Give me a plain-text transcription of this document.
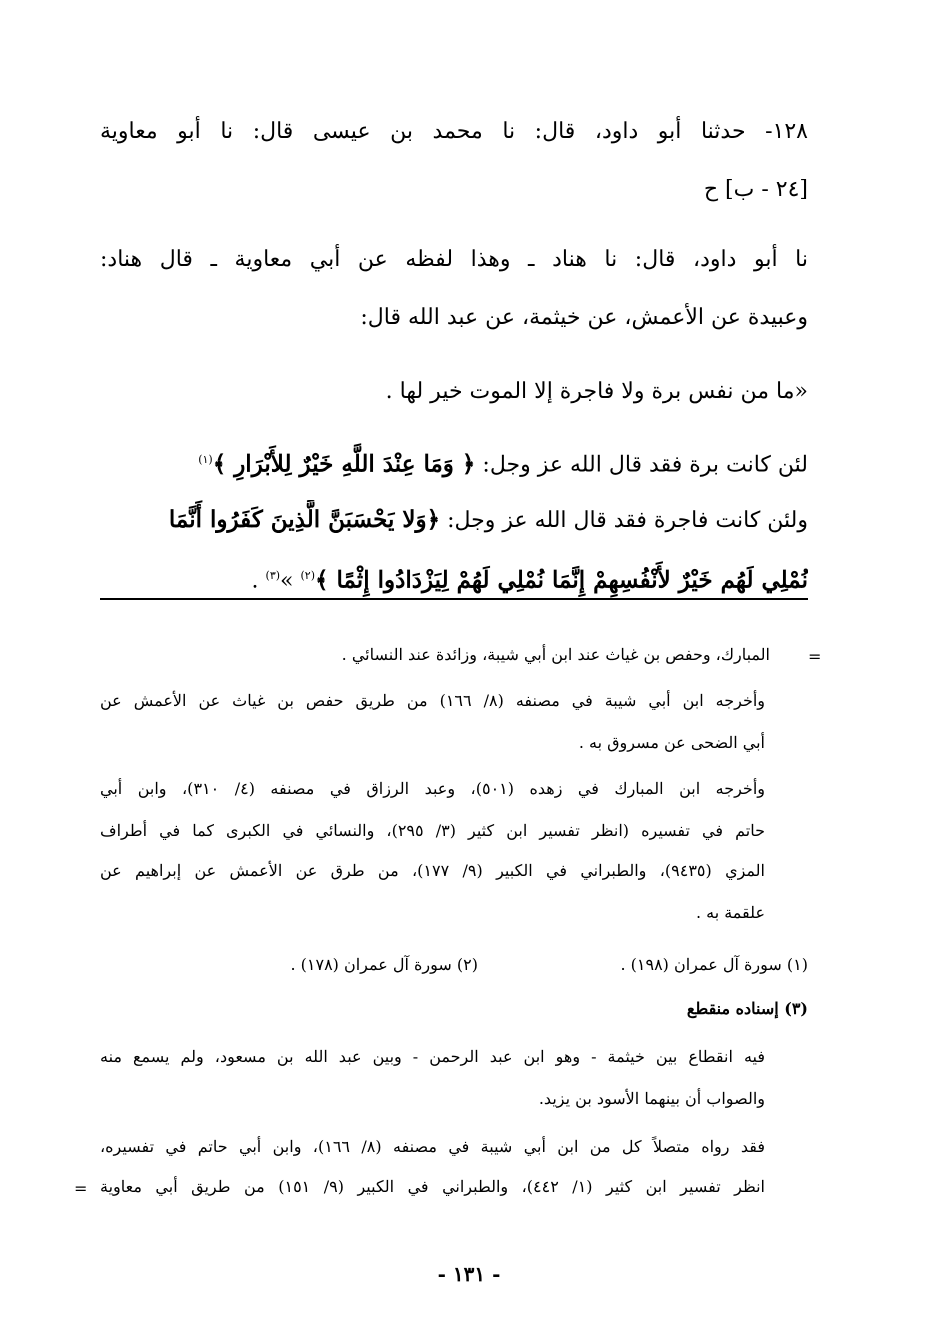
١٢٨- حدثنا أبو داود، قال: نا محمد بن عيسى قال: نا أبو معاوية
[٢٤ - ب] ح
نا أبو داود، قال: نا هناد ـ وهذا لفظه عن أبي معاوية ـ قال هناد:
وعبيدة عن الأعمش، عن خيثمة، عن عبد الله قال:
«ما من نفس برة ولا فاجرة إلا الموت خير لها .
لئن كانت برة فقد قال الله عز وجل: ﴿ وَمَا عِنْدَ اللَّهِ خَيْرٌ لِلأَبْرَارِ ﴾$^{(١)}$
ولئن كانت فاجرة فقد قال الله عز وجل: ﴿وَلا يَحْسَبَنَّ الَّذِينَ كَفَرُوا أَنَّمَا
نُمْلِي لَهُم خَيْرٌ لأَنْفُسِهِمْ إِنَّمَا نُمْلِي لَهُمْ لِيَزْدَادُوا إِثْمًا ﴾$^{(٢)}$ »$^{(٣)}$ .
=
المبارك، وحفص بن غياث عند ابن أبي شيبة، وزائدة عند النسائي .
وأخرجه ابن أبي شيبة في مصنفه (٨/ ١٦٦) من طريق حفص بن غياث عن الأعمش عن
أبي الضحى عن مسروق به .
وأخرجه ابن المبارك في زهده (٥٠١)، وعبد الرزاق في مصنفه (٤/ ٣١٠)، وابن أبي
حاتم في تفسيره (انظر تفسير ابن كثير (٣/ ٢٩٥)، والنسائي في الكبرى كما في أطراف
المزي (٩٤٣٥)، والطبراني في الكبير (٩/ ١٧٧)، من طرق عن الأعمش عن إبراهيم عن
علقمة به .
(١) سورة آل عمران (١٩٨) .
(٢) سورة آل عمران (١٧٨) .
(٣) إسناده منقطع
فيه انقطاع بين خيثمة - وهو ابن عبد الرحمن - وبين عبد الله بن مسعود، ولم يسمع منه
والصواب أن بينهما الأسود بن يزيد.
فقد رواه متصلاً كل من ابن أبي شيبة في مصنفه (٨/ ١٦٦)، وابن أبي حاتم في تفسيره،
انظر تفسير ابن كثير (١/ ٤٤٢)، والطبراني في الكبير (٩/ ١٥١) من طريق أبي معاوية
=
- ١٣١ -
